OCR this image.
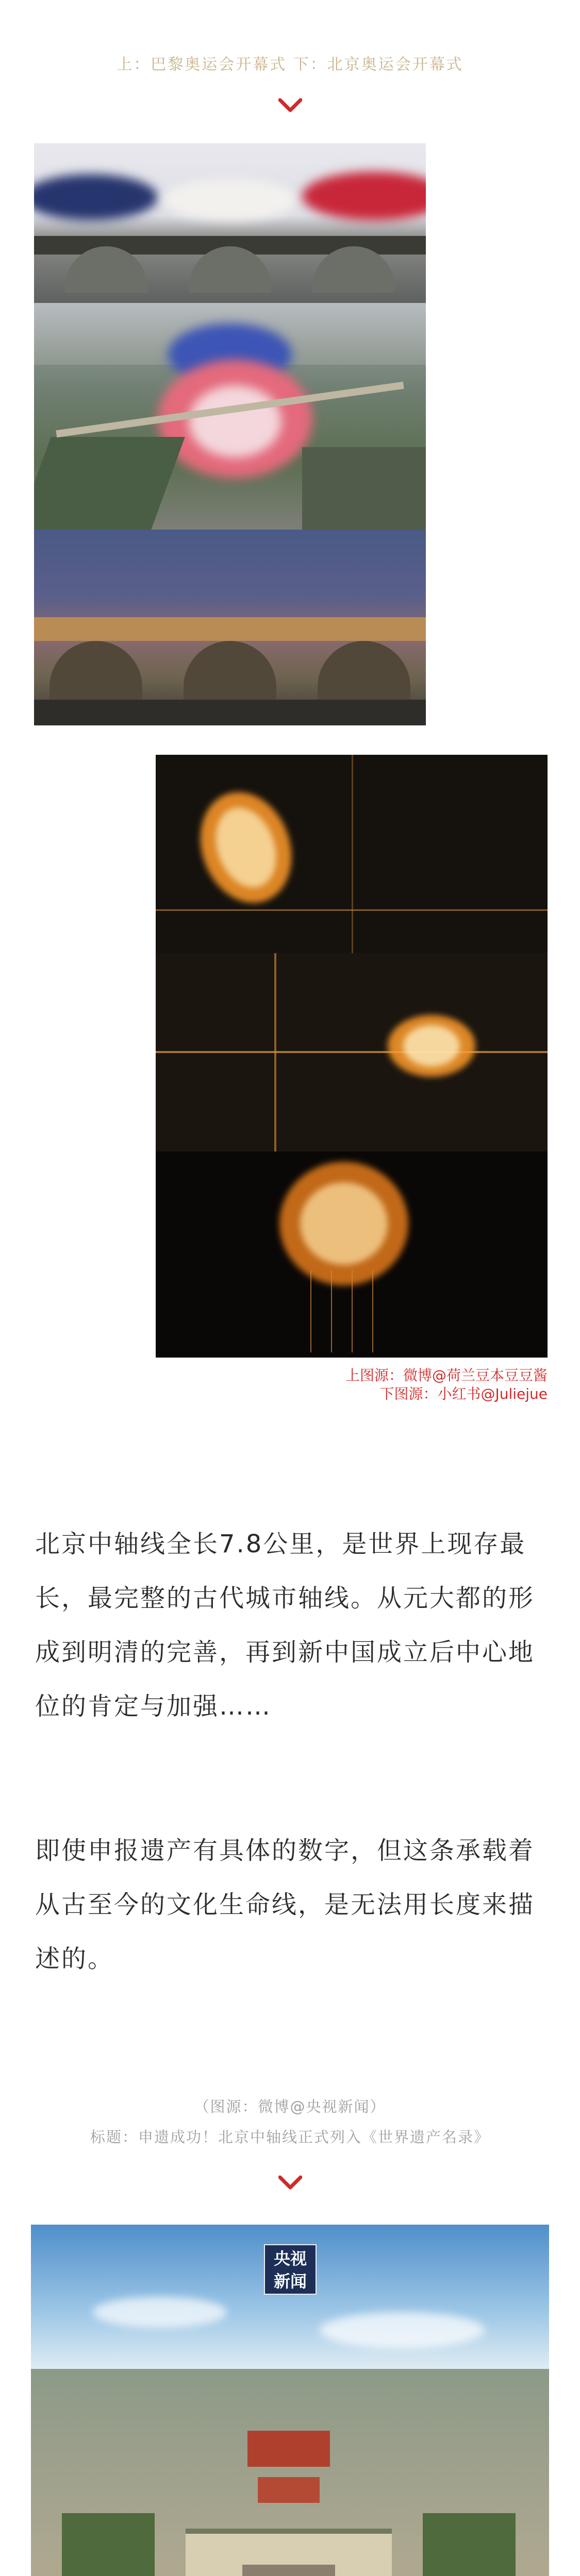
上：巴黎奥运会开幕式 下：北京奥运会开幕式
上图源：微博@荷兰豆本豆豆酱
下图源：小红书@Juliejue
北京中轴线全长7.8公里，是世界上现存最长，最完整的古代城市轴线。从元大都的形成到明清的完善，再到新中国成立后中心地位的肯定与加强……
即使申报遗产有具体的数字，但这条承载着从古至今的文化生命线，是无法用长度来描述的。
（图源：微博@央视新闻）
标题：申遗成功！北京中轴线正式列入《世界遗产名录》
央视
新闻
